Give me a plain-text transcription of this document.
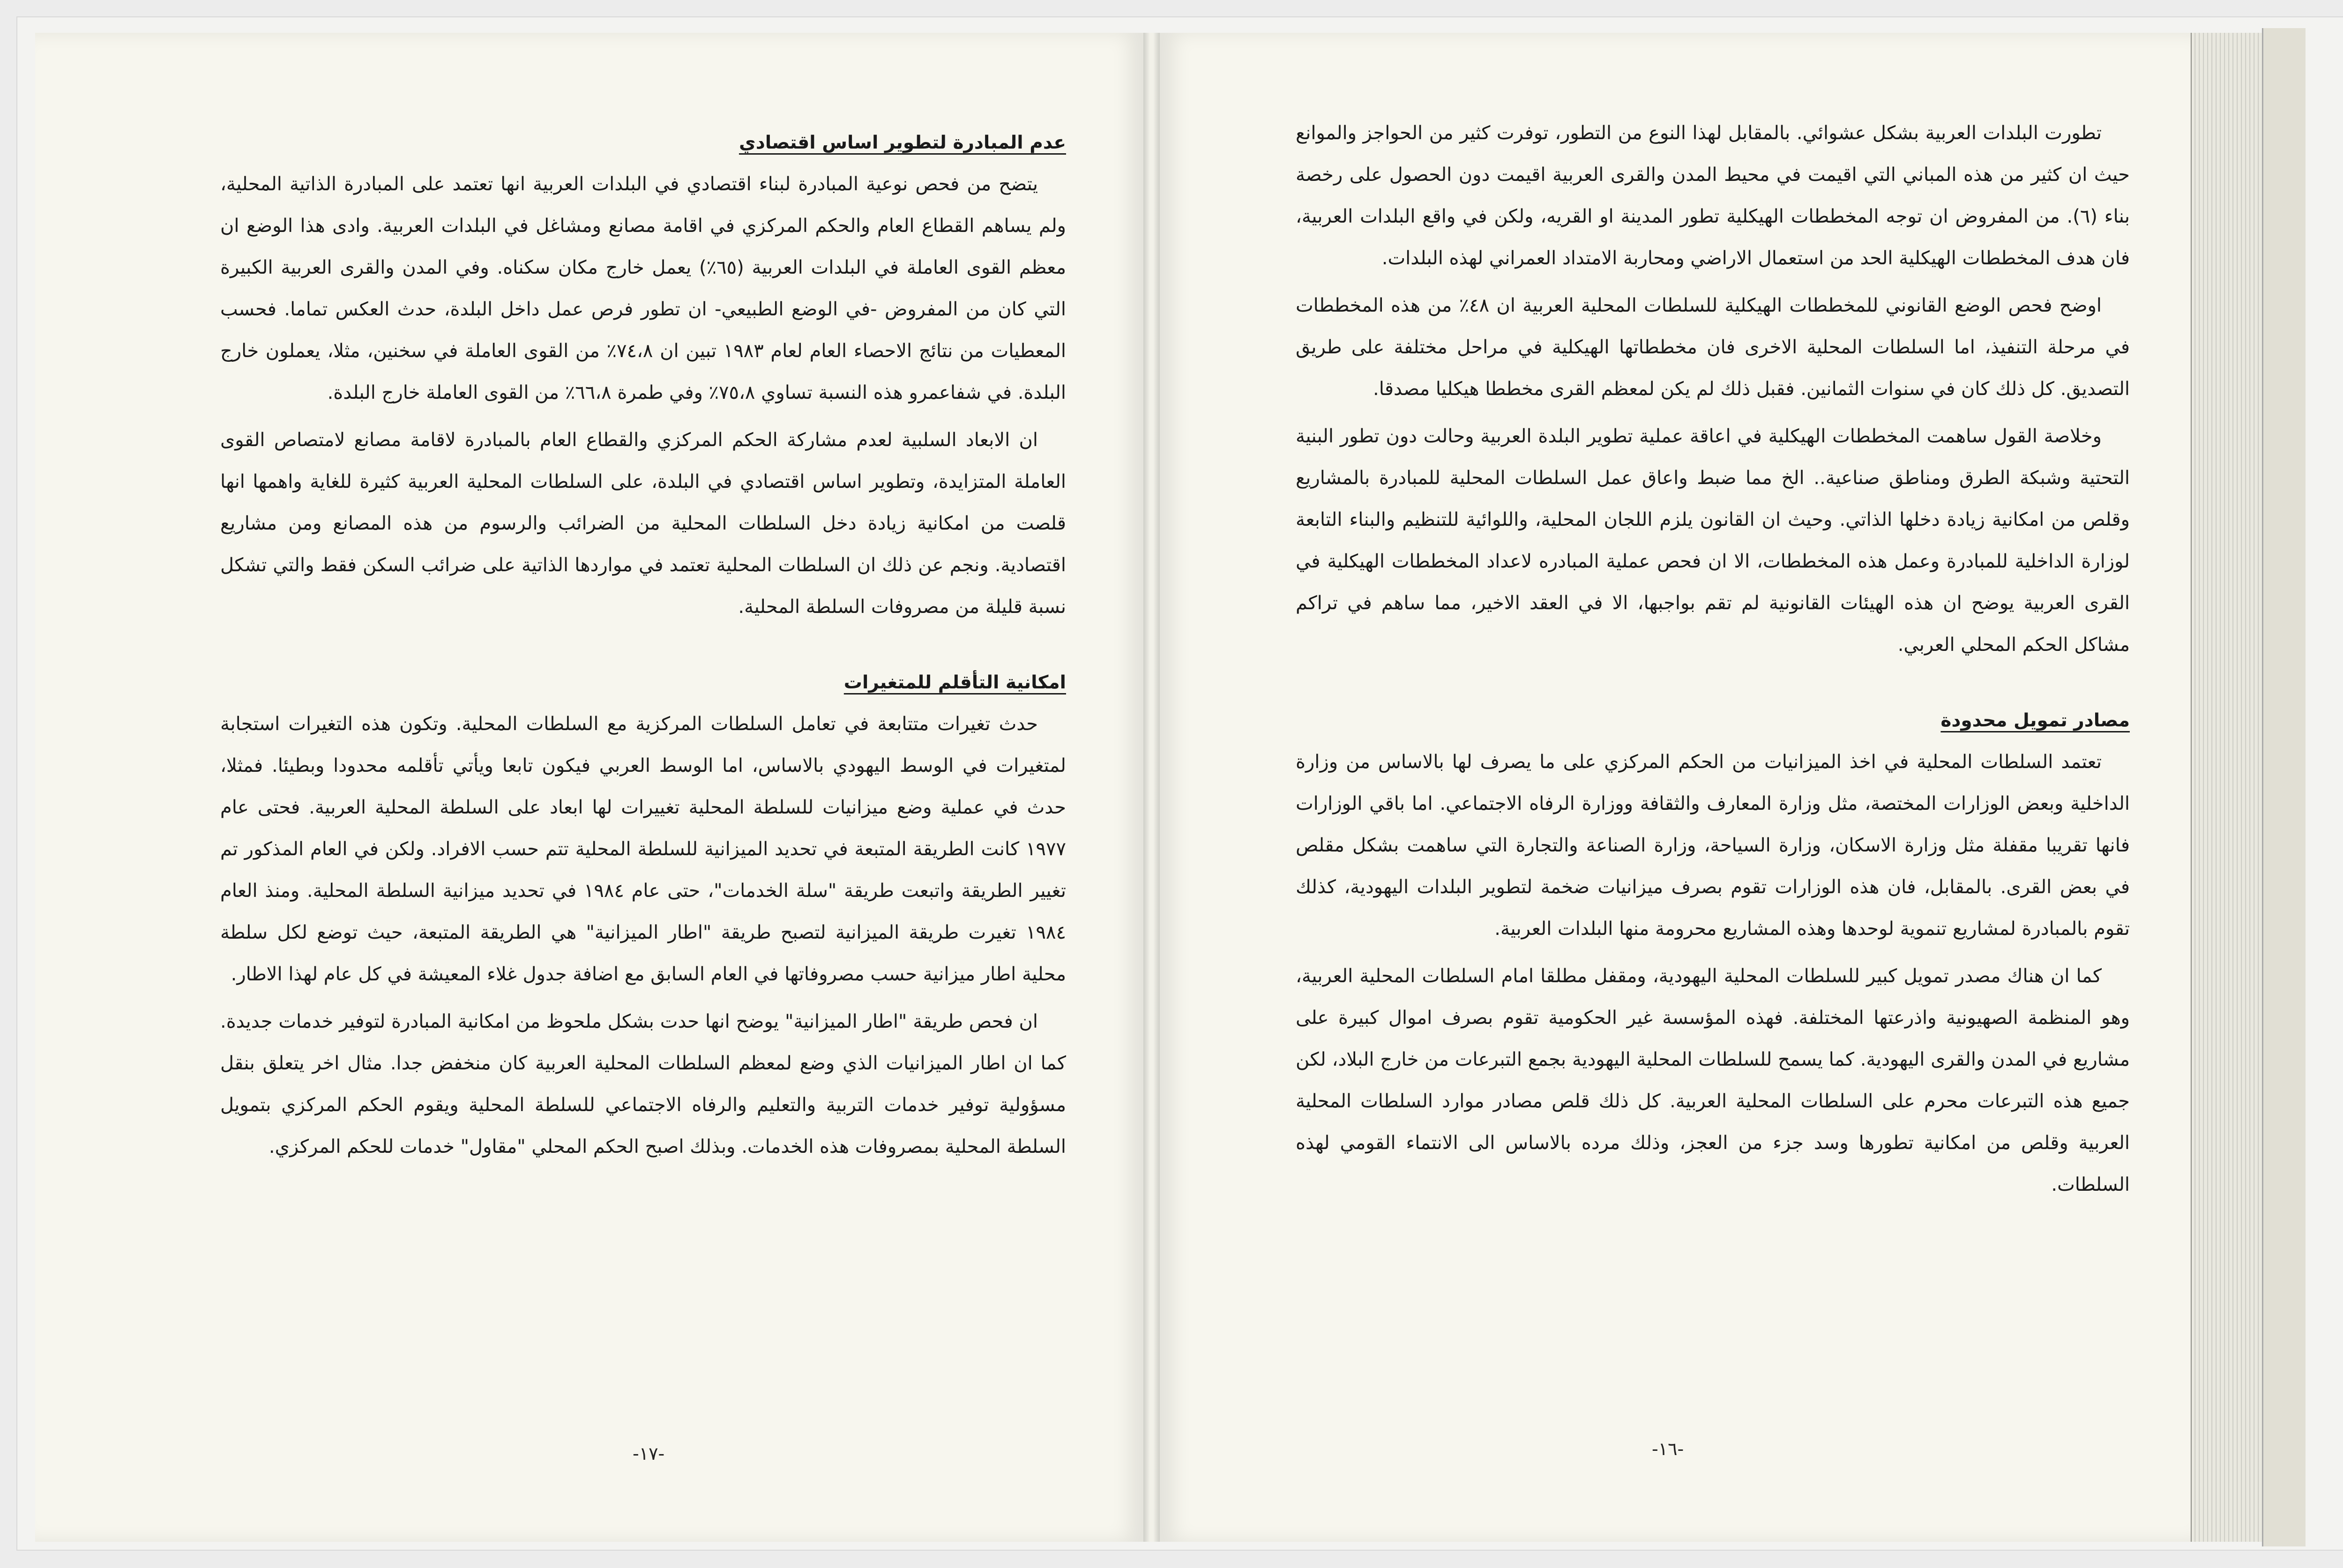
عدم المبادرة لتطوير اساس اقتصادي

يتضح من فحص نوعية المبادرة لبناء اقتصادي في البلدات العربية انها تعتمد على المبادرة الذاتية المحلية، ولم يساهم القطاع العام والحكم المركزي في اقامة مصانع ومشاغل في البلدات العربية. وادى هذا الوضع ان معظم القوى العاملة في البلدات العربية (٦٥٪) يعمل خارج مكان سكناه. وفي المدن والقرى العربية الكبيرة التي كان من المفروض -في الوضع الطبيعي- ان تطور فرص عمل داخل البلدة، حدث العكس تماما. فحسب المعطيات من نتائج الاحصاء العام لعام ١٩٨٣ تبين ان ٧٤،٨٪ من القوى العاملة في سخنين، مثلا، يعملون خارج البلدة. في شفاعمرو هذه النسبة تساوي ٧٥،٨٪ وفي طمرة ٦٦،٨٪ من القوى العاملة خارج البلدة.

ان الابعاد السلبية لعدم مشاركة الحكم المركزي والقطاع العام بالمبادرة لاقامة مصانع لامتصاص القوى العاملة المتزايدة، وتطوير اساس اقتصادي في البلدة، على السلطات المحلية العربية كثيرة للغاية واهمها انها قلصت من امكانية زيادة دخل السلطات المحلية من الضرائب والرسوم من هذه المصانع ومن مشاريع اقتصادية. ونجم عن ذلك ان السلطات المحلية تعتمد في مواردها الذاتية على ضرائب السكن فقط والتي تشكل نسبة قليلة من مصروفات السلطة المحلية.

امكانية التأقلم للمتغيرات

حدث تغيرات متتابعة في تعامل السلطات المركزية مع السلطات المحلية. وتكون هذه التغيرات استجابة لمتغيرات في الوسط اليهودي بالاساس، اما الوسط العربي فيكون تابعا ويأتي تأقلمه محدودا وبطيئا. فمثلا، حدث في عملية وضع ميزانيات للسلطة المحلية تغييرات لها ابعاد على السلطة المحلية العربية. فحتى عام ١٩٧٧ كانت الطريقة المتبعة في تحديد الميزانية للسلطة المحلية تتم حسب الافراد. ولكن في العام المذكور تم تغيير الطريقة واتبعت طريقة "سلة الخدمات"، حتى عام ١٩٨٤ في تحديد ميزانية السلطة المحلية. ومنذ العام ١٩٨٤ تغيرت طريقة الميزانية لتصبح طريقة "اطار الميزانية" هي الطريقة المتبعة، حيث توضع لكل سلطة محلية اطار ميزانية حسب مصروفاتها في العام السابق مع اضافة جدول غلاء المعيشة في كل عام لهذا الاطار.

ان فحص طريقة "اطار الميزانية" يوضح انها حدت بشكل ملحوظ من امكانية المبادرة لتوفير خدمات جديدة. كما ان اطار الميزانيات الذي وضع لمعظم السلطات المحلية العربية كان منخفض جدا. مثال اخر يتعلق بنقل مسؤولية توفير خدمات التربية والتعليم والرفاه الاجتماعي للسلطة المحلية ويقوم الحكم المركزي بتمويل السلطة المحلية بمصروفات هذه الخدمات. وبذلك اصبح الحكم المحلي "مقاول" خدمات للحكم المركزي.

-١٧-

تطورت البلدات العربية بشكل عشوائي. بالمقابل لهذا النوع من التطور، توفرت كثير من الحواجز والموانع حيث ان كثير من هذه المباني التي اقيمت في محيط المدن والقرى العربية اقيمت دون الحصول على رخصة بناء (٦). من المفروض ان توجه المخططات الهيكلية تطور المدينة او القريه، ولكن في واقع البلدات العربية، فان هدف المخططات الهيكلية الحد من استعمال الاراضي ومحاربة الامتداد العمراني لهذه البلدات.

اوضح فحص الوضع القانوني للمخططات الهيكلية للسلطات المحلية العربية ان ٤٨٪ من هذه المخططات في مرحلة التنفيذ، اما السلطات المحلية الاخرى فان مخططاتها الهيكلية في مراحل مختلفة على طريق التصديق. كل ذلك كان في سنوات الثمانين. فقبل ذلك لم يكن لمعظم القرى مخططا هيكليا مصدقا.

وخلاصة القول ساهمت المخططات الهيكلية في اعاقة عملية تطوير البلدة العربية وحالت دون تطور البنية التحتية وشبكة الطرق ومناطق صناعية.. الخ مما ضبط واعاق عمل السلطات المحلية للمبادرة بالمشاريع وقلص من امكانية زيادة دخلها الذاتي. وحيث ان القانون يلزم اللجان المحلية، واللوائية للتنظيم والبناء التابعة لوزارة الداخلية للمبادرة وعمل هذه المخططات، الا ان فحص عملية المبادره لاعداد المخططات الهيكلية في القرى العربية يوضح ان هذه الهيئات القانونية لم تقم بواجبها، الا في العقد الاخير، مما ساهم في تراكم مشاكل الحكم المحلي العربي.

مصادر تمويل محدودة

تعتمد السلطات المحلية في اخذ الميزانيات من الحكم المركزي على ما يصرف لها بالاساس من وزارة الداخلية وبعض الوزارات المختصة، مثل وزارة المعارف والثقافة ووزارة الرفاه الاجتماعي. اما باقي الوزارات فانها تقريبا مقفلة مثل وزارة الاسكان، وزارة السياحة، وزارة الصناعة والتجارة التي ساهمت بشكل مقلص في بعض القرى. بالمقابل، فان هذه الوزارات تقوم بصرف ميزانيات ضخمة لتطوير البلدات اليهودية، كذلك تقوم بالمبادرة لمشاريع تنموية لوحدها وهذه المشاريع محرومة منها البلدات العربية.

كما ان هناك مصدر تمويل كبير للسلطات المحلية اليهودية، ومقفل مطلقا امام السلطات المحلية العربية، وهو المنظمة الصهيونية واذرعتها المختلفة. فهذه المؤسسة غير الحكومية تقوم بصرف اموال كبيرة على مشاريع في المدن والقرى اليهودية. كما يسمح للسلطات المحلية اليهودية بجمع التبرعات من خارج البلاد، لكن جميع هذه التبرعات محرم على السلطات المحلية العربية. كل ذلك قلص مصادر موارد السلطات المحلية العربية وقلص من امكانية تطورها وسد جزء من العجز، وذلك مرده بالاساس الى الانتماء القومي لهذه السلطات.

-١٦-
